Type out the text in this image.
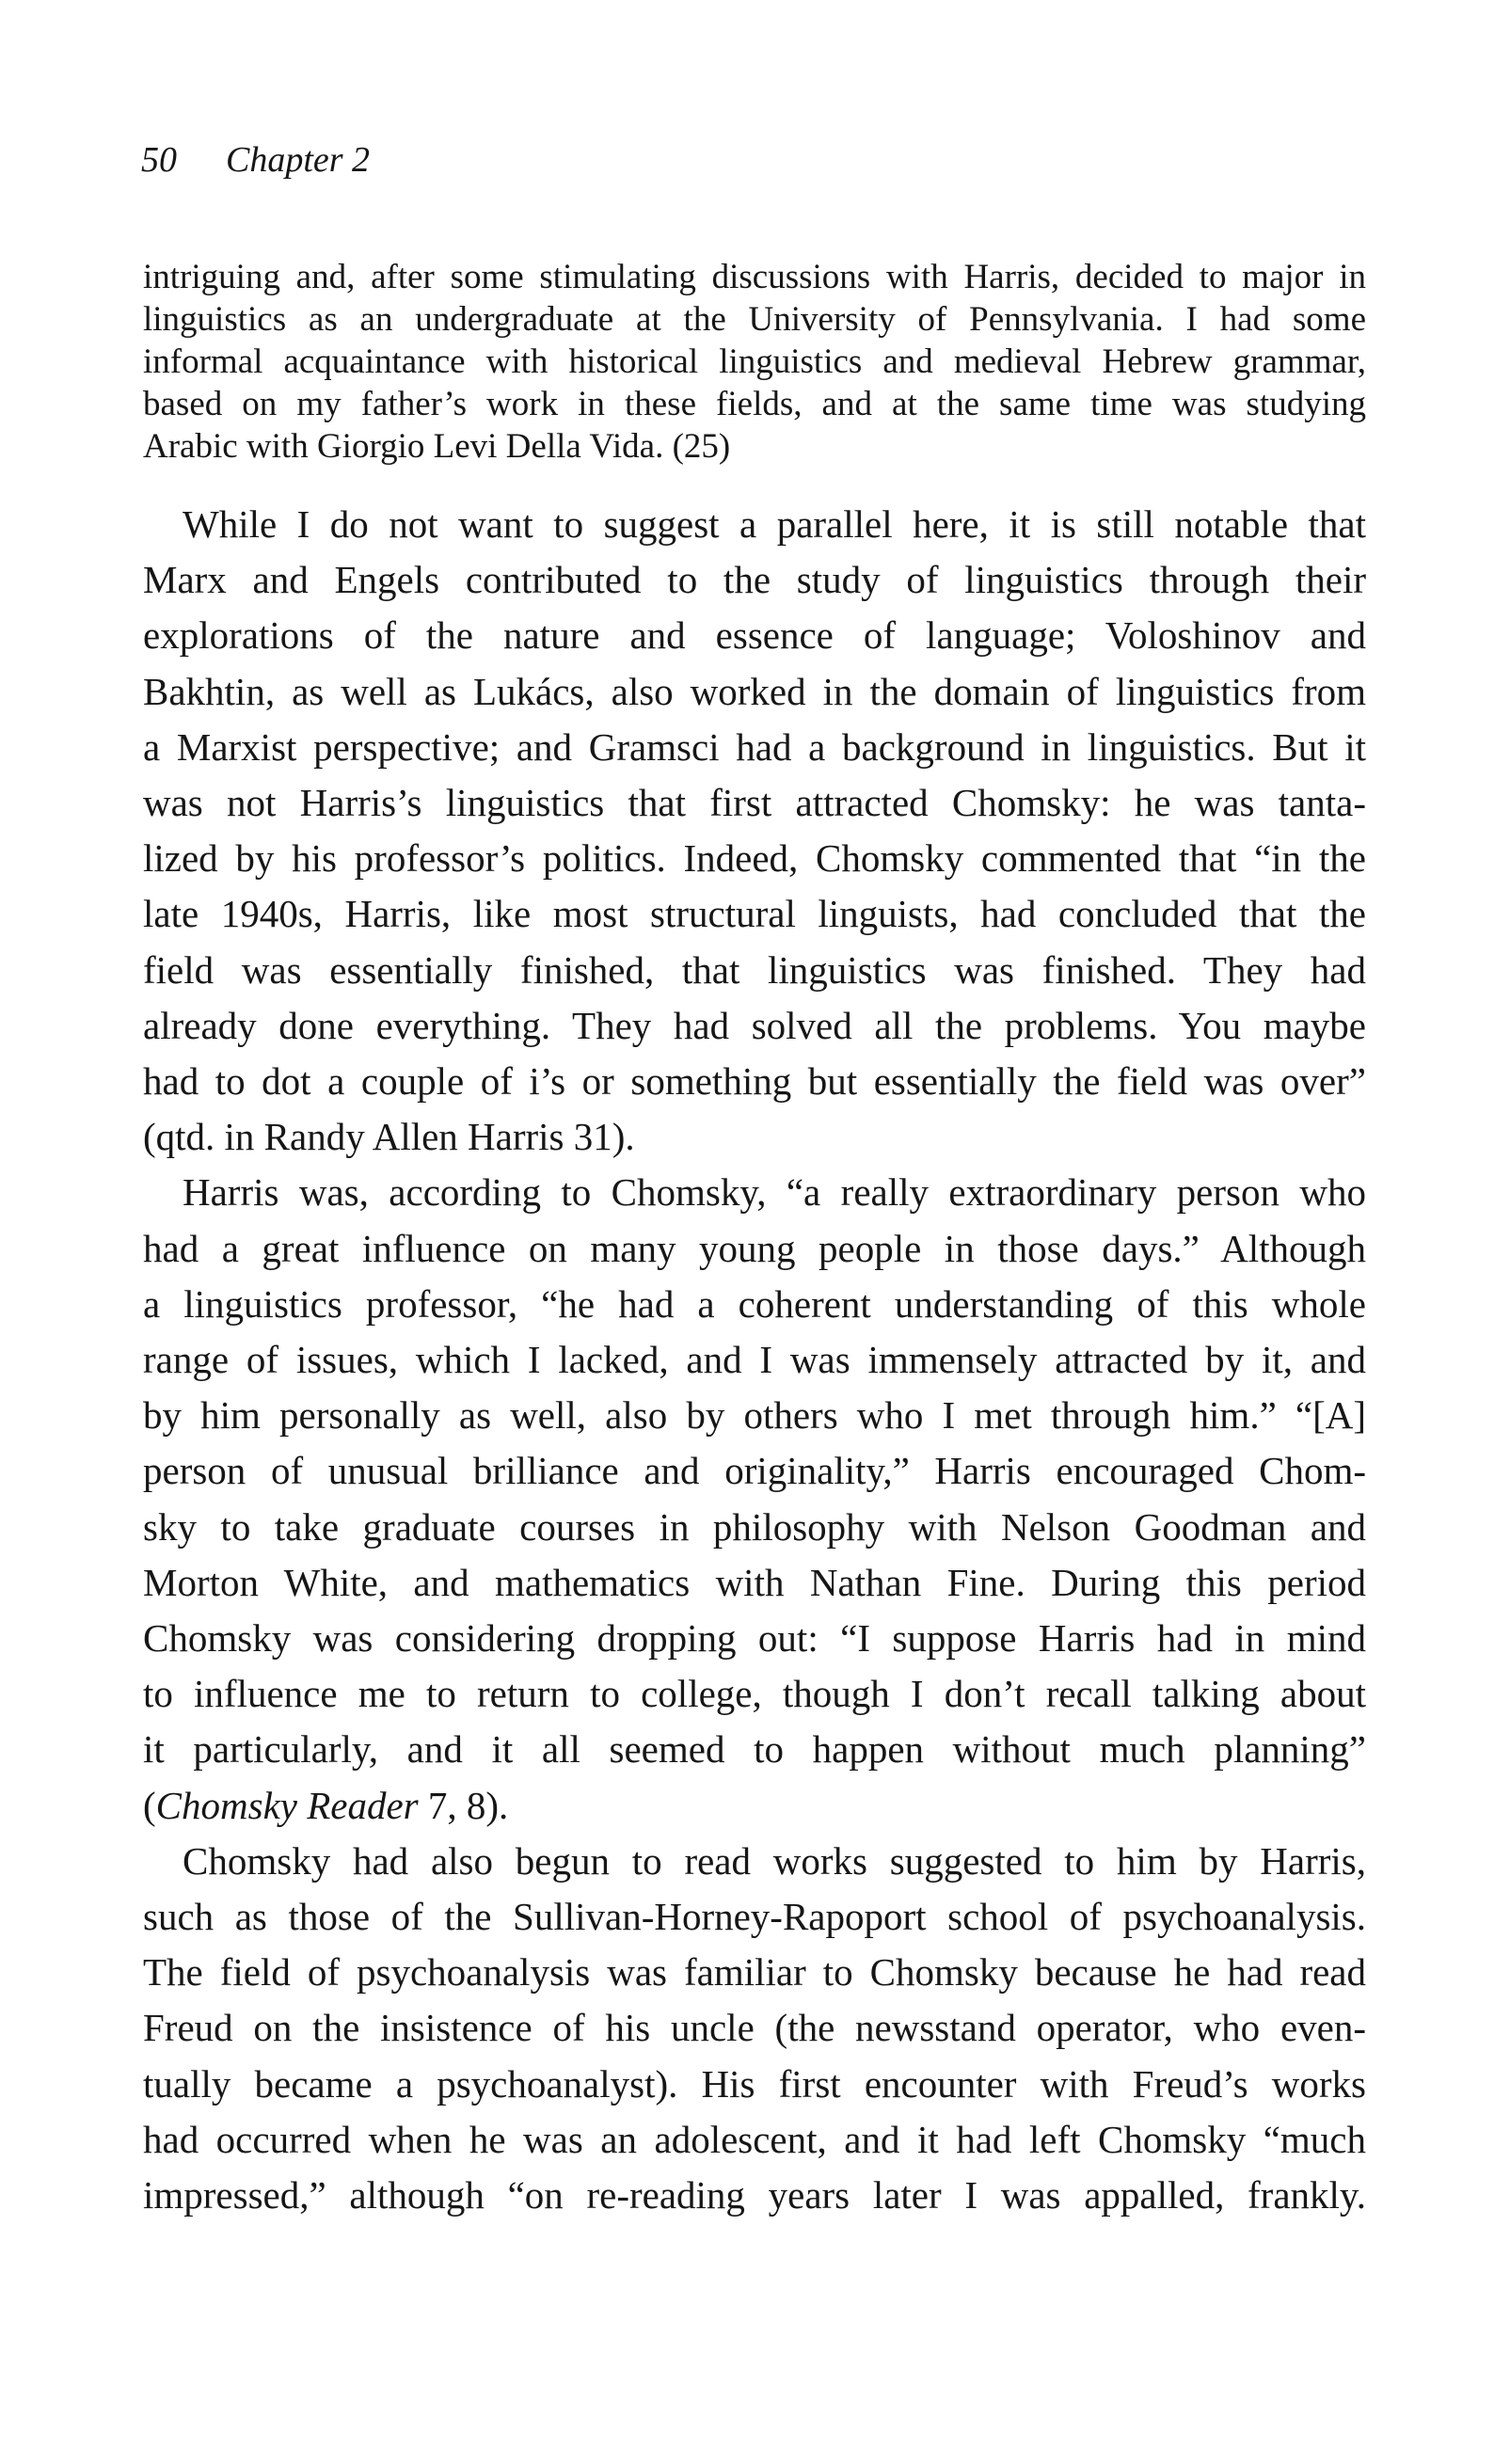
50 Chapter 2
intriguing and, after some stimulating discussions with Harris, decided to major in
linguistics as an undergraduate at the University of Pennsylvania. I had some
informal acquaintance with historical linguistics and medieval Hebrew grammar,
based on my father’s work in these fields, and at the same time was studying
Arabic with Giorgio Levi Della Vida. (25)
While I do not want to suggest a parallel here, it is still notable that
Marx and Engels contributed to the study of linguistics through their
explorations of the nature and essence of language; Voloshinov and
Bakhtin, as well as Lukács, also worked in the domain of linguistics from
a Marxist perspective; and Gramsci had a background in linguistics. But it
was not Harris’s linguistics that first attracted Chomsky: he was tanta-
lized by his professor’s politics. Indeed, Chomsky commented that “in the
late 1940s, Harris, like most structural linguists, had concluded that the
field was essentially finished, that linguistics was finished. They had
already done everything. They had solved all the problems. You maybe
had to dot a couple of i’s or something but essentially the field was over”
(qtd. in Randy Allen Harris 31).
Harris was, according to Chomsky, “a really extraordinary person who
had a great influence on many young people in those days.” Although
a linguistics professor, “he had a coherent understanding of this whole
range of issues, which I lacked, and I was immensely attracted by it, and
by him personally as well, also by others who I met through him.” “[A]
person of unusual brilliance and originality,” Harris encouraged Chom-
sky to take graduate courses in philosophy with Nelson Goodman and
Morton White, and mathematics with Nathan Fine. During this period
Chomsky was considering dropping out: “I suppose Harris had in mind
to influence me to return to college, though I don’t recall talking about
it particularly, and it all seemed to happen without much planning”
(Chomsky Reader 7, 8).
Chomsky had also begun to read works suggested to him by Harris,
such as those of the Sullivan-Horney-Rapoport school of psychoanalysis.
The field of psychoanalysis was familiar to Chomsky because he had read
Freud on the insistence of his uncle (the newsstand operator, who even-
tually became a psychoanalyst). His first encounter with Freud’s works
had occurred when he was an adolescent, and it had left Chomsky “much
impressed,” although “on re-reading years later I was appalled, frankly.
